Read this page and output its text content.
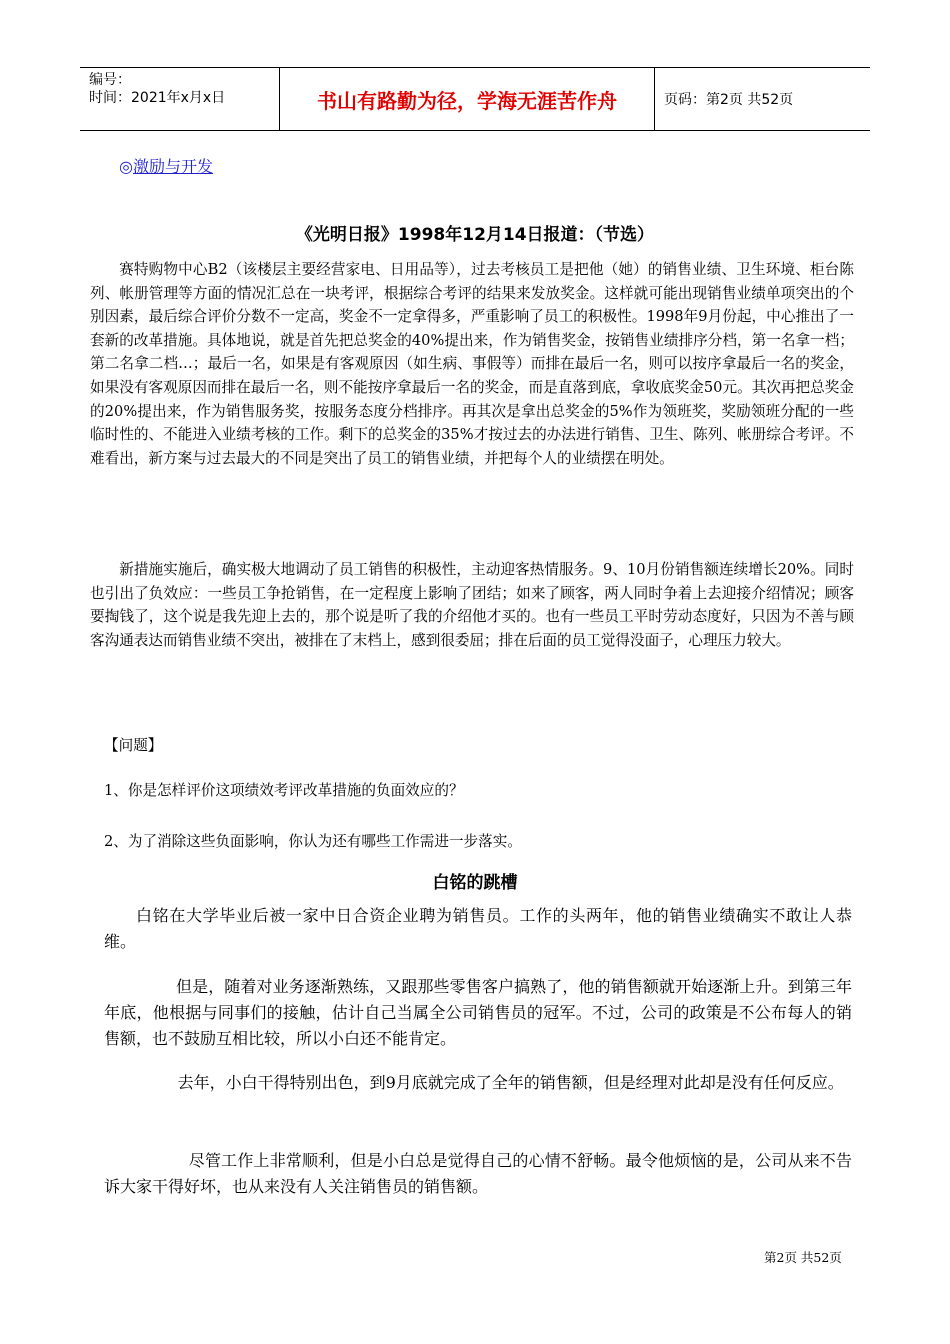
编号：
时间：2021年x月x日	书山有路勤为径，学海无涯苦作舟	页码：第2页 共52页
◎激励与开发
《光明日报》1998年12月14日报道：（节选）
赛特购物中心B2（该楼层主要经营家电、日用品等），过去考核员工是把他（她）的销售业绩、卫生环境、柜台陈列、帐册管理等方面的情况汇总在一块考评，根据综合考评的结果来发放奖金。这样就可能出现销售业绩单项突出的个别因素，最后综合评价分数不一定高，奖金不一定拿得多，严重影响了员工的积极性。1998年9月份起，中心推出了一套新的改革措施。具体地说，就是首先把总奖金的40%提出来，作为销售奖金，按销售业绩排序分档，第一名拿一档；第二名拿二档…；最后一名，如果是有客观原因（如生病、事假等）而排在最后一名，则可以按序拿最后一名的奖金，如果没有客观原因而排在最后一名，则不能按序拿最后一名的奖金，而是直落到底，拿收底奖金50元。其次再把总奖金的20%提出来，作为销售服务奖，按服务态度分档排序。再其次是拿出总奖金的5%作为领班奖，奖励领班分配的一些临时性的、不能进入业绩考核的工作。剩下的总奖金的35%才按过去的办法进行销售、卫生、陈列、帐册综合考评。不难看出，新方案与过去最大的不同是突出了员工的销售业绩，并把每个人的业绩摆在明处。
新措施实施后，确实极大地调动了员工销售的积极性，主动迎客热情服务。9、10月份销售额连续增长20%。同时也引出了负效应：一些员工争抢销售，在一定程度上影响了团结；如来了顾客，两人同时争着上去迎接介绍情况；顾客要掏钱了，这个说是我先迎上去的，那个说是听了我的介绍他才买的。也有一些员工平时劳动态度好，只因为不善与顾客沟通表达而销售业绩不突出，被排在了末档上，感到很委屈；排在后面的员工觉得没面子，心理压力较大。
【问题】
1、你是怎样评价这项绩效考评改革措施的负面效应的？
2、为了消除这些负面影响，你认为还有哪些工作需进一步落实。
白铭的跳槽
白铭在大学毕业后被一家中日合资企业聘为销售员。工作的头两年，他的销售业绩确实不敢让人恭维。
但是，随着对业务逐渐熟练，又跟那些零售客户搞熟了，他的销售额就开始逐渐上升。到第三年年底，他根据与同事们的接触，估计自己当属全公司销售员的冠军。不过，公司的政策是不公布每人的销售额，也不鼓励互相比较，所以小白还不能肯定。
去年，小白干得特别出色，到9月底就完成了全年的销售额，但是经理对此却是没有任何反应。
尽管工作上非常顺利，但是小白总是觉得自己的心情不舒畅。最令他烦恼的是，公司从来不告诉大家干得好坏，也从来没有人关注销售员的销售额。
第2页 共52页
